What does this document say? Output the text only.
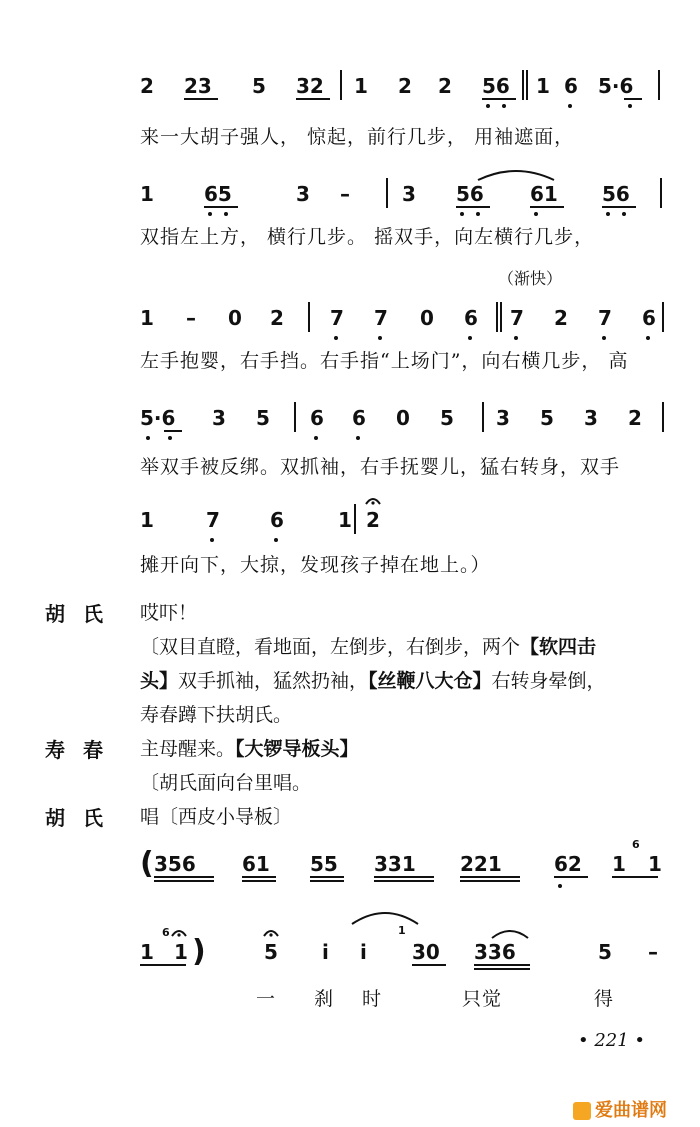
2 23 5 32 1 2 2 56 1 6 5·6
来一大胡子强人， 惊起，前行几步， 用袖遮面，
1	65	3 –	3 56 61 56
双指左上方， 横行几步。 摇双手，向左横行几步，
（渐快）
1 – 0 2 7 7 0 6 7 2 7 6
左手抱婴，右手挡。右手指“上场门”，向右横几步， 高
5·6 3 5 6 6 0 5 3 5 3 2
举双手被反绑。双抓袖，右手抚婴儿，猛右转身，双手
1	7	6	1 2
摊开向下，大掠，发现孩子掉在地上。）
胡氏 哎吓！
〔双目直瞪，看地面，左倒步，右倒步，两个【软四击
头】双手抓袖，猛然扔袖，【丝鞭八大仓】右转身晕倒，
寿春蹲下扶胡氏。
寿春 主母醒来。【大锣导板头】
〔胡氏面向台里唱。
胡氏 唱〔西皮小导板〕
( 356 61 55 331 221	62 1 1
6
1 1 )	5 i i 30 336	5 –
6	1
一 刹 时	只觉	得
• 221 •
爱曲谱网
